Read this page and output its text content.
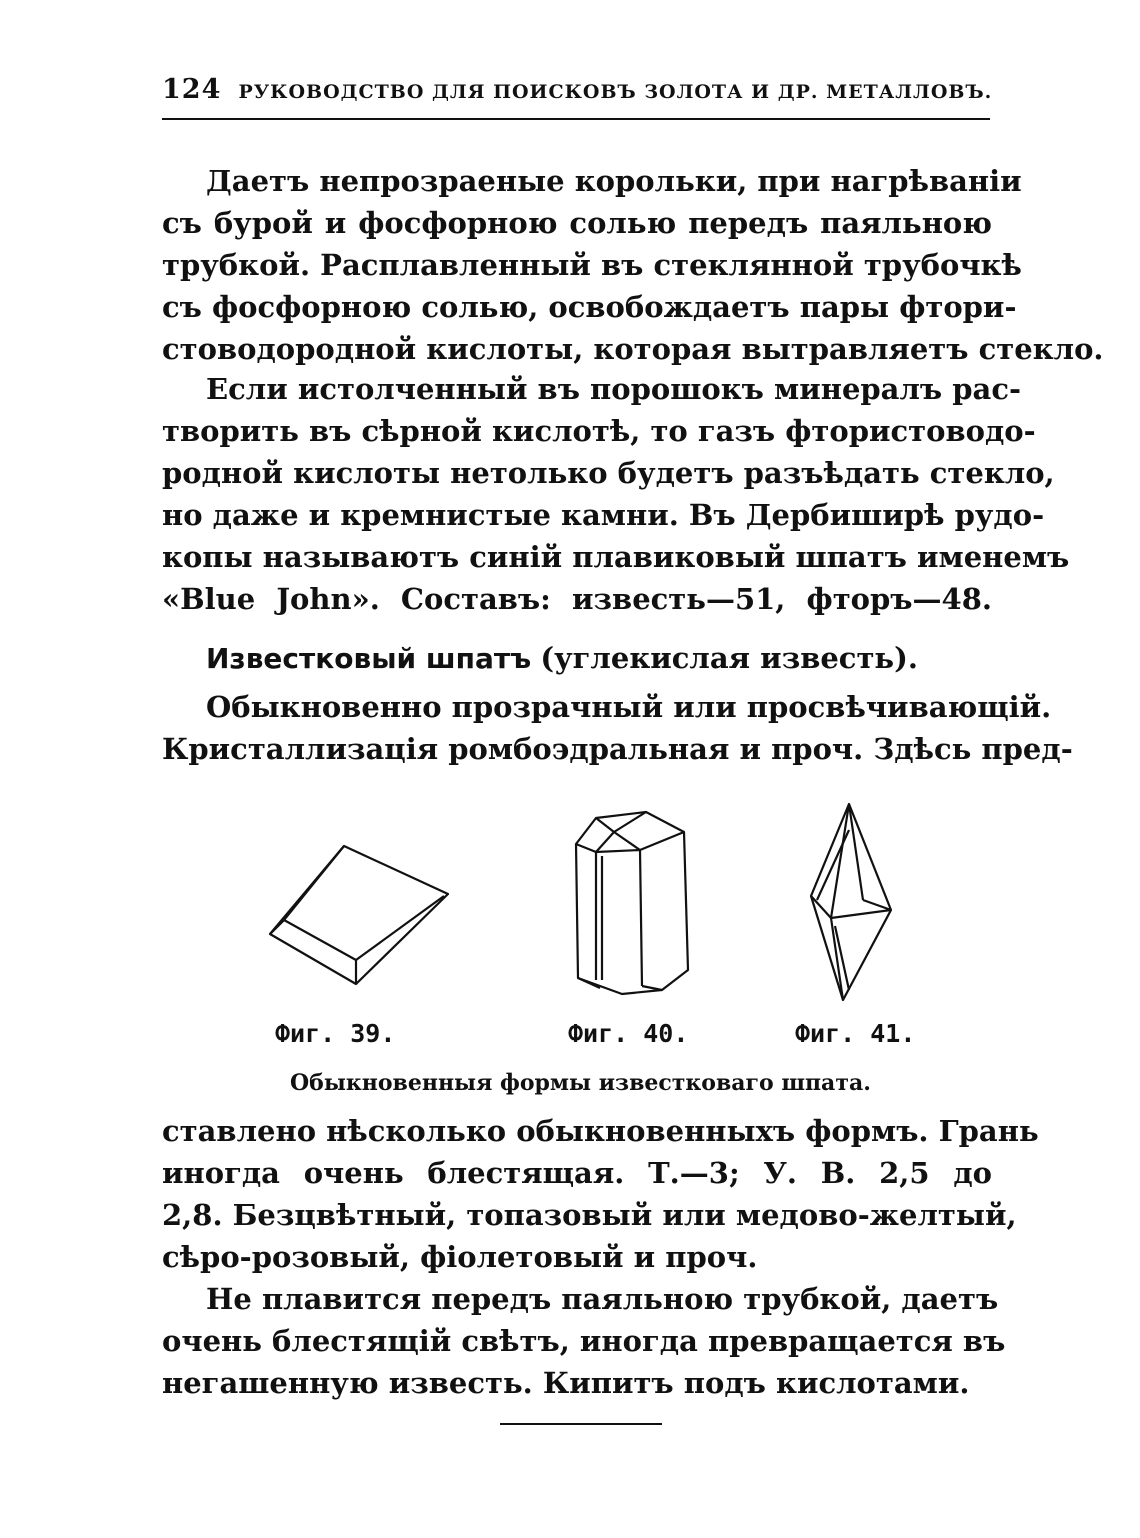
124 РУКОВОДСТВО ДЛЯ ПОИСКОВЪ ЗОЛОТА И ДР. МЕТАЛЛОВЪ.
Даетъ непрозраеные корольки, при нагрѣваніи
съ бурой и фосфорною солью передъ паяльною
трубкой. Расплавленный въ стеклянной трубочкѣ
съ фосфорною солью, освобождаетъ пары фтори-
стоводородной кислоты, которая вытравляетъ стекло.
Если истолченный въ порошокъ минералъ рас-
творить въ сѣрной кислотѣ, то газъ фтористоводо-
родной кислоты нетолько будетъ разъѣдать стекло,
но даже и кремнистые камни. Въ Дербиширѣ рудо-
копы называютъ синій плавиковый шпатъ именемъ
«Blue John». Составъ: известь—51, фторъ—48.
Известковый шпатъ (углекислая известь).
Обыкновенно прозрачный или просвѣчивающій.
Кристаллизація ромбоэдральная и проч. Здѣсь пред-
Фиг. 39.	Фиг. 40.	Фиг. 41.
Обыкновенныя формы известковаго шпата.
ставлено нѣсколько обыкновенныхъ формъ. Грань
иногда очень блестящая. Т.—3; У. В. 2,5 до
2,8. Безцвѣтный, топазовый или медово-желтый,
сѣро-розовый, фіолетовый и проч.
Не плавится передъ паяльною трубкой, даетъ
очень блестящій свѣтъ, иногда превращается въ
негашенную известь. Кипитъ подъ кислотами.
